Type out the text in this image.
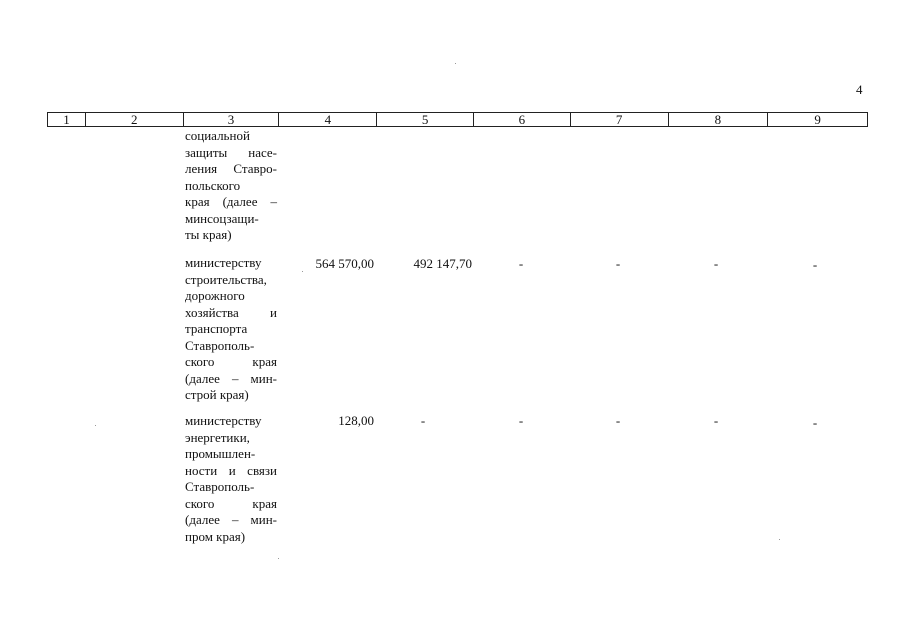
4
1	2	3	4	5	6	7	8	9
социальной
защиты насе-
ления Ставро-
польского
края (далее –
минсоцзащи-
ты края)
министерству
строительства,
дорожного
хозяйства и
транспорта
Ставрополь-
ского края
(далее – мин-
строй края)
564 570,00	492 147,70	-	-	-	-
министерству
энергетики,
промышлен-
ности и связи
Ставрополь-
ского края
(далее – мин-
пром края)
128,00	-	-	-	-	-
